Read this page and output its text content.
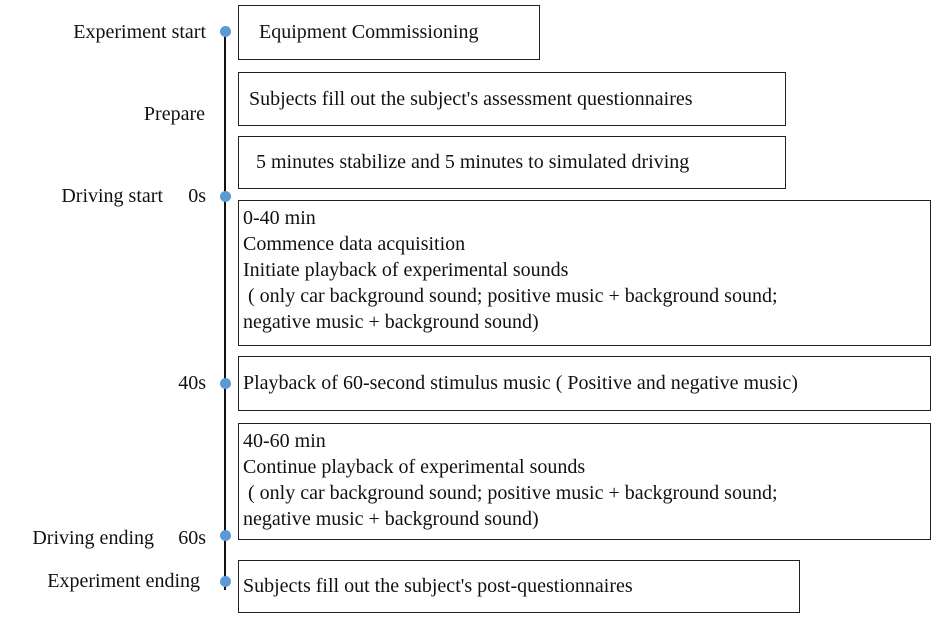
Experiment start
Prepare
Driving start 0s
40s
Driving ending 60s
Experiment ending
Equipment Commissioning
Subjects fill out the subject's assessment questionnaires
5 minutes stabilize and 5 minutes to simulated driving
0-40 min
Commence data acquisition
Initiate playback of experimental sounds
( only car background sound; positive music + background sound;
negative music + background sound)
Playback of 60-second stimulus music ( Positive and negative music)
40-60 min
Continue playback of experimental sounds
( only car background sound; positive music + background sound;
negative music + background sound)
Subjects fill out the subject's post-questionnaires
